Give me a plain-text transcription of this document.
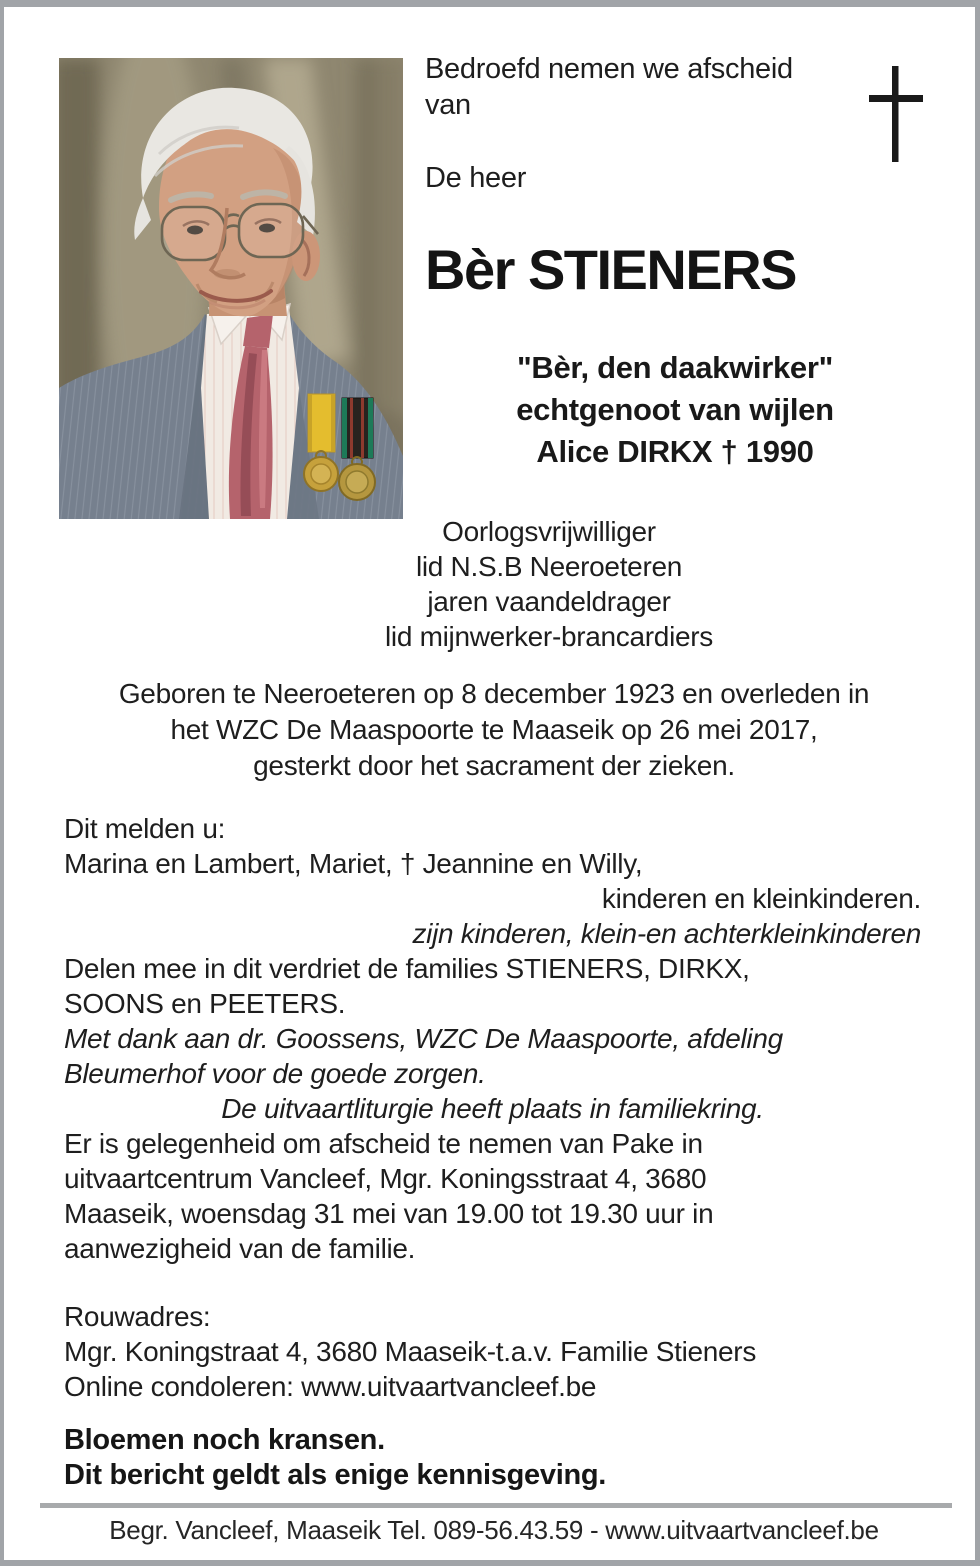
Bedroefd nemen we afscheid
van
De heer
Bèr STIENERS
"Bèr, den daakwirker"
echtgenoot van wijlen
Alice DIRKX † 1990
Oorlogsvrijwilliger
lid N.S.B Neeroeteren
jaren vaandeldrager
lid mijnwerker-brancardiers
Geboren te Neeroeteren op 8 december 1923 en overleden in
het WZC De Maaspoorte te Maaseik op 26 mei 2017,
gesterkt door het sacrament der zieken.
Dit melden u:
Marina en Lambert, Mariet, † Jeannine en Willy,
kinderen en kleinkinderen.
zijn kinderen, klein-en achterkleinkinderen
Delen mee in dit verdriet de families STIENERS, DIRKX,
SOONS en PEETERS.
Met dank aan dr. Goossens, WZC De Maaspoorte, afdeling
Bleumerhof voor de goede zorgen.
De uitvaartliturgie heeft plaats in familiekring.
Er is gelegenheid om afscheid te nemen van Pake in
uitvaartcentrum Vancleef, Mgr. Koningsstraat 4, 3680
Maaseik, woensdag 31 mei van 19.00 tot 19.30 uur in
aanwezigheid van de familie.
Rouwadres:
Mgr. Koningstraat 4, 3680 Maaseik-t.a.v. Familie Stieners
Online condoleren: www.uitvaartvancleef.be
Bloemen noch kransen.
Dit bericht geldt als enige kennisgeving.
Begr. Vancleef, Maaseik Tel. 089-56.43.59 - www.uitvaartvancleef.be
